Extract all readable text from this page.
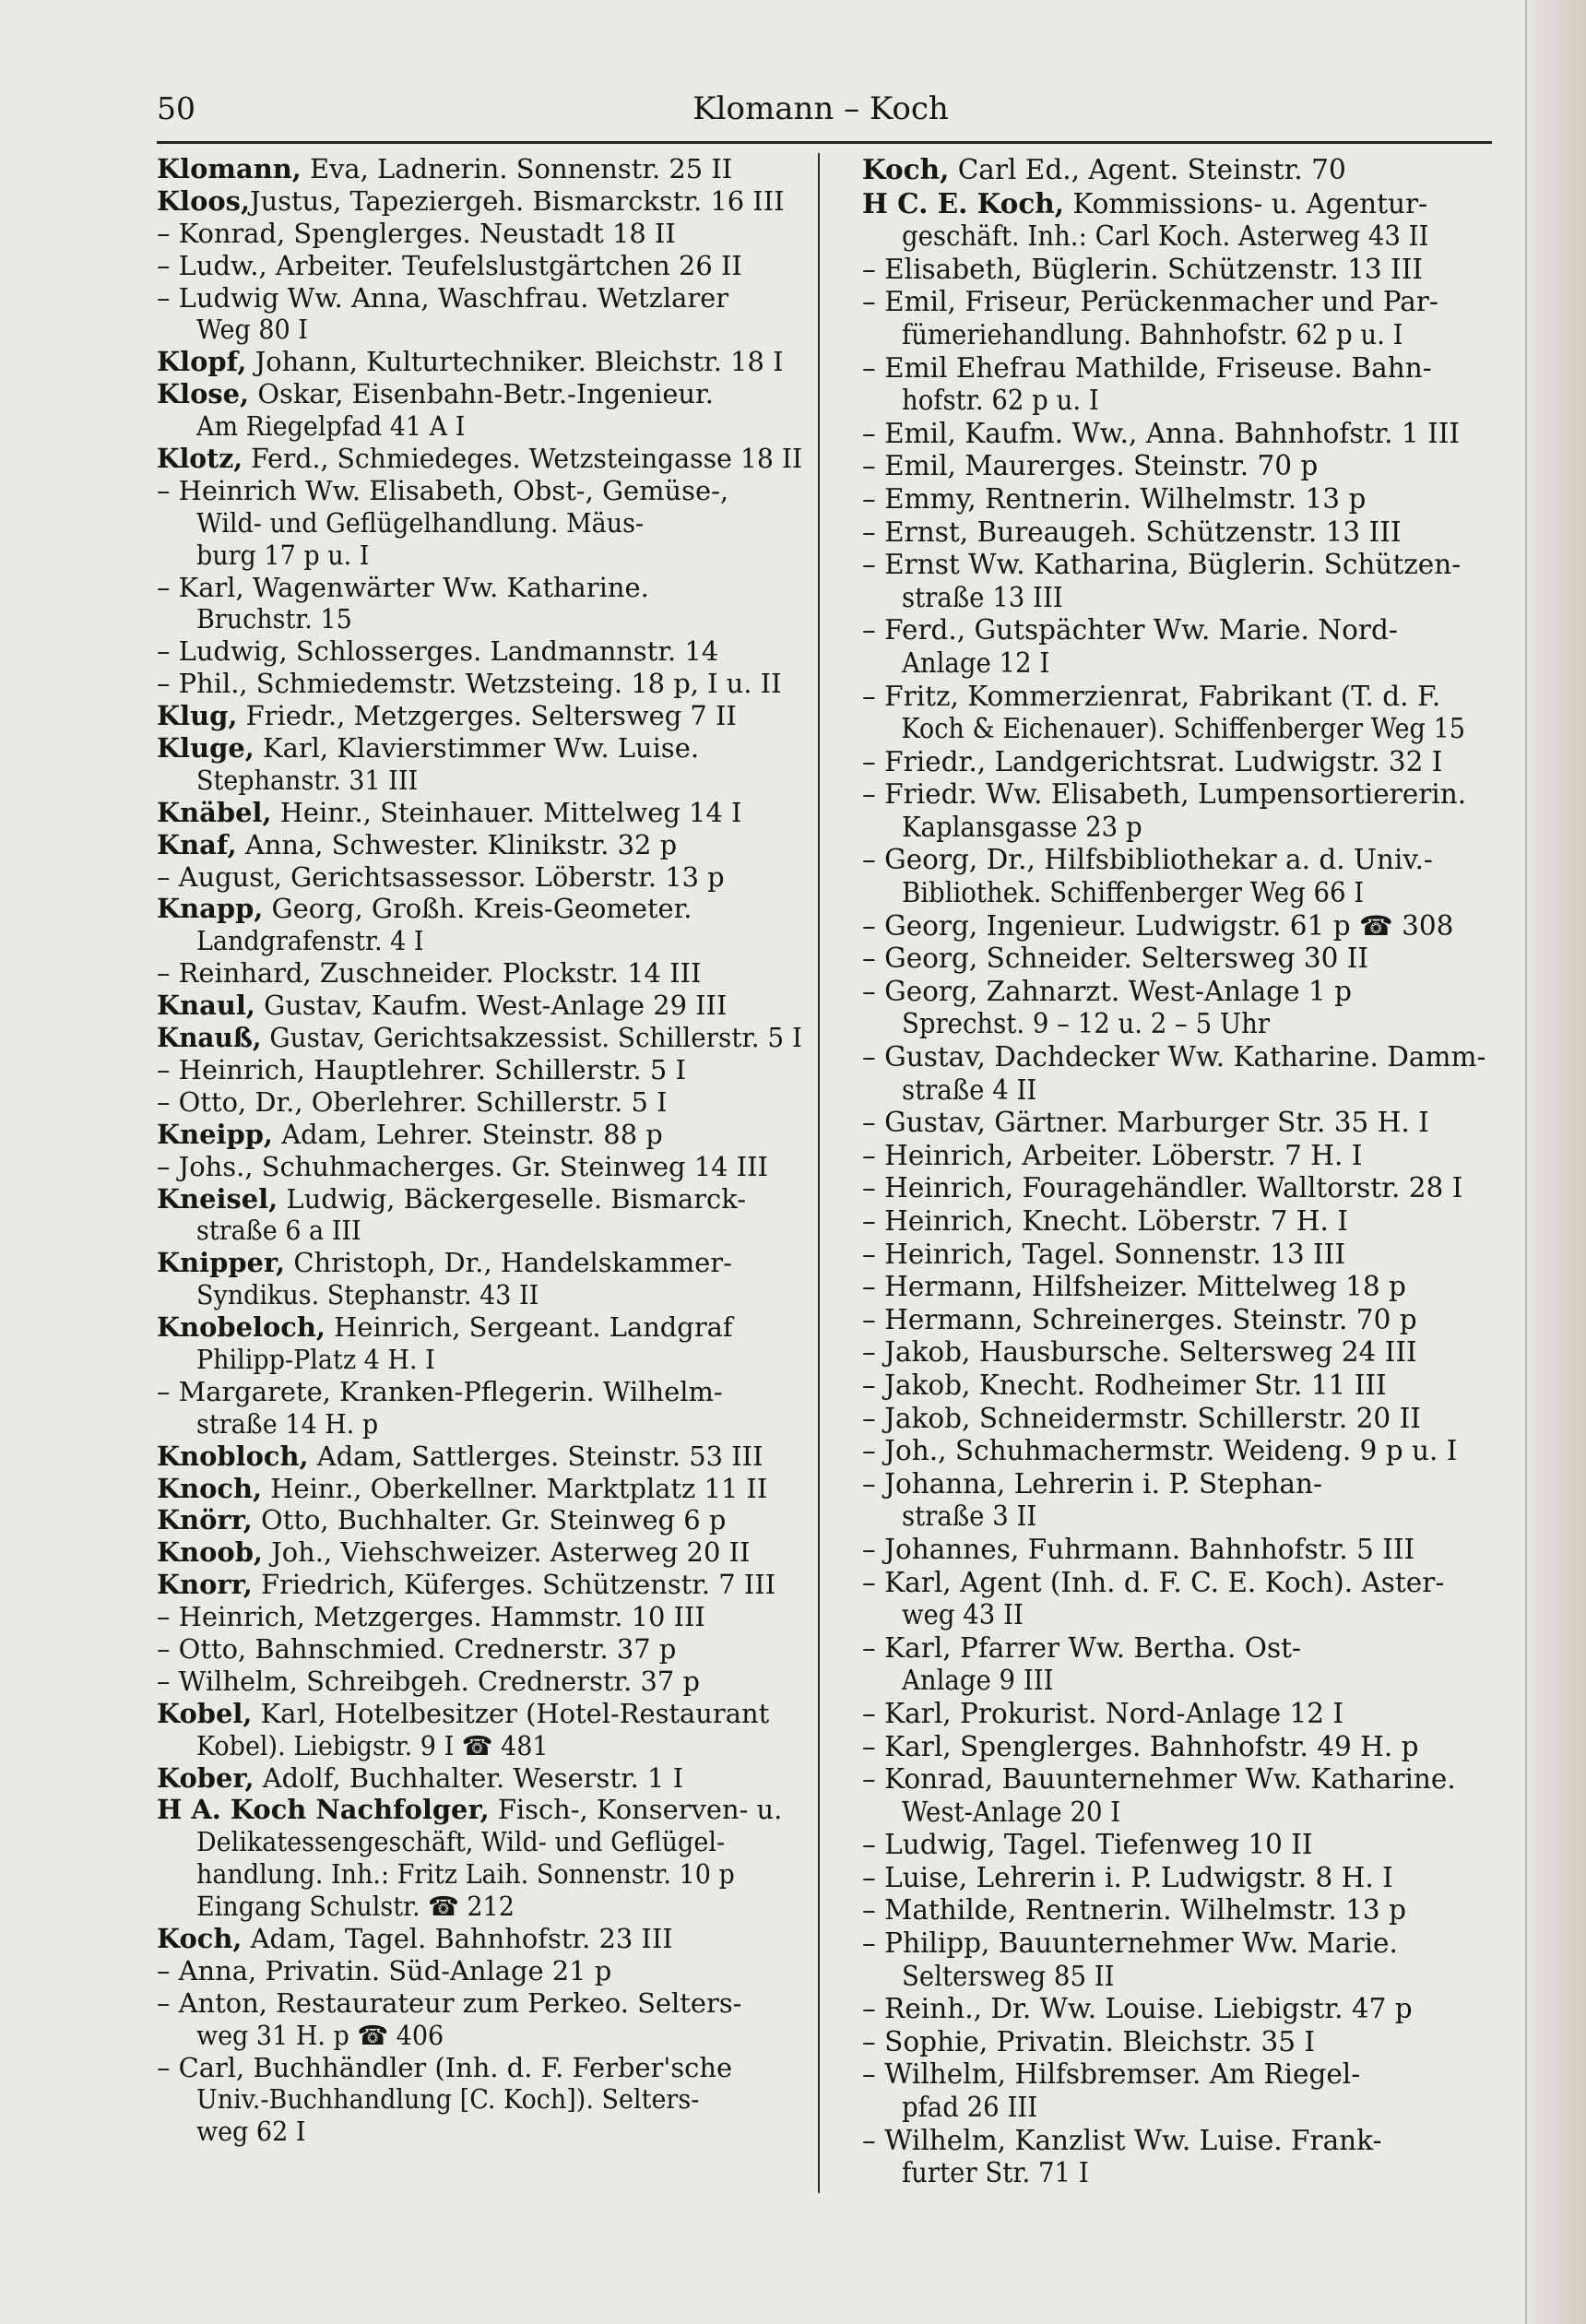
50	Klomann – Koch

Klomann, Eva, Ladnerin. Sonnenstr. 25 II

Kloos,Justus, Tapeziergeh. Bismarckstr. 16 III

– Konrad, Spenglerges. Neustadt 18 II

– Ludw., Arbeiter. Teufelslustgärtchen 26 II

– Ludwig Ww. Anna, Waschfrau. Wetzlarer
Weg 80 I

Klopf, Johann, Kulturtechniker. Bleichstr. 18 I

Klose, Oskar, Eisenbahn-Betr.-Ingenieur.
Am Riegelpfad 41 A I

Klotz, Ferd., Schmiedeges. Wetzsteingasse 18 II

– Heinrich Ww. Elisabeth, Obst-, Gemüse-,
Wild- und Geflügelhandlung. Mäus-
burg 17 p u. I

– Karl, Wagenwärter Ww. Katharine.
Bruchstr. 15

– Ludwig, Schlosserges. Landmannstr. 14

– Phil., Schmiedemstr. Wetzsteing. 18 p, I u. II

Klug, Friedr., Metzgerges. Seltersweg 7 II

Kluge, Karl, Klavierstimmer Ww. Luise.
Stephanstr. 31 III

Knäbel, Heinr., Steinhauer. Mittelweg 14 I

Knaf, Anna, Schwester. Klinikstr. 32 p

– August, Gerichtsassessor. Löberstr. 13 p

Knapp, Georg, Großh. Kreis-Geometer.
Landgrafenstr. 4 I

– Reinhard, Zuschneider. Plockstr. 14 III

Knaul, Gustav, Kaufm. West-Anlage 29 III

Knauß, Gustav, Gerichtsakzessist. Schillerstr. 5 I

– Heinrich, Hauptlehrer. Schillerstr. 5 I

– Otto, Dr., Oberlehrer. Schillerstr. 5 I

Kneipp, Adam, Lehrer. Steinstr. 88 p

– Johs., Schuhmacherges. Gr. Steinweg 14 III

Kneisel, Ludwig, Bäckergeselle. Bismarck-
straße 6 a III

Knipper, Christoph, Dr., Handelskammer-
Syndikus. Stephanstr. 43 II

Knobeloch, Heinrich, Sergeant. Landgraf
Philipp-Platz 4 H. I

– Margarete, Kranken-Pflegerin. Wilhelm-
straße 14 H. p

Knobloch, Adam, Sattlerges. Steinstr. 53 III

Knoch, Heinr., Oberkellner. Marktplatz 11 II

Knörr, Otto, Buchhalter. Gr. Steinweg 6 p

Knoob, Joh., Viehschweizer. Asterweg 20 II

Knorr, Friedrich, Küferges. Schützenstr. 7 III

– Heinrich, Metzgerges. Hammstr. 10 III

– Otto, Bahnschmied. Crednerstr. 37 p

– Wilhelm, Schreibgeh. Crednerstr. 37 p

Kobel, Karl, Hotelbesitzer (Hotel-Restaurant
Kobel). Liebigstr. 9 I ☎ 481

Kober, Adolf, Buchhalter. Weserstr. 1 I

H A. Koch Nachfolger, Fisch-, Konserven- u.
Delikatessengeschäft, Wild- und Geflügel-
handlung. Inh.: Fritz Laih. Sonnenstr. 10 p
Eingang Schulstr. ☎ 212

Koch, Adam, Tagel. Bahnhofstr. 23 III

– Anna, Privatin. Süd-Anlage 21 p

– Anton, Restaurateur zum Perkeo. Selters-
weg 31 H. p ☎ 406

– Carl, Buchhändler (Inh. d. F. Ferber'sche
Univ.-Buchhandlung [C. Koch]). Selters-
weg 62 I

Koch, Carl Ed., Agent. Steinstr. 70

H C. E. Koch, Kommissions- u. Agentur-
geschäft. Inh.: Carl Koch. Asterweg 43 II

– Elisabeth, Büglerin. Schützenstr. 13 III

– Emil, Friseur, Perückenmacher und Par-
fümeriehandlung. Bahnhofstr. 62 p u. I

– Emil Ehefrau Mathilde, Friseuse. Bahn-
hofstr. 62 p u. I

– Emil, Kaufm. Ww., Anna. Bahnhofstr. 1 III

– Emil, Maurerges. Steinstr. 70 p

– Emmy, Rentnerin. Wilhelmstr. 13 p

– Ernst, Bureaugeh. Schützenstr. 13 III

– Ernst Ww. Katharina, Büglerin. Schützen-
straße 13 III

– Ferd., Gutspächter Ww. Marie. Nord-
Anlage 12 I

– Fritz, Kommerzienrat, Fabrikant (T. d. F.
Koch & Eichenauer). Schiffenberger Weg 15

– Friedr., Landgerichtsrat. Ludwigstr. 32 I

– Friedr. Ww. Elisabeth, Lumpensortiererin.
Kaplansgasse 23 p

– Georg, Dr., Hilfsbibliothekar a. d. Univ.-
Bibliothek. Schiffenberger Weg 66 I

– Georg, Ingenieur. Ludwigstr. 61 p ☎ 308

– Georg, Schneider. Seltersweg 30 II

– Georg, Zahnarzt. West-Anlage 1 p
Sprechst. 9 – 12 u. 2 – 5 Uhr

– Gustav, Dachdecker Ww. Katharine. Damm-
straße 4 II

– Gustav, Gärtner. Marburger Str. 35 H. I

– Heinrich, Arbeiter. Löberstr. 7 H. I

– Heinrich, Fouragehändler. Walltorstr. 28 I

– Heinrich, Knecht. Löberstr. 7 H. I

– Heinrich, Tagel. Sonnenstr. 13 III

– Hermann, Hilfsheizer. Mittelweg 18 p

– Hermann, Schreinerges. Steinstr. 70 p

– Jakob, Hausbursche. Seltersweg 24 III

– Jakob, Knecht. Rodheimer Str. 11 III

– Jakob, Schneidermstr. Schillerstr. 20 II

– Joh., Schuhmachermstr. Weideng. 9 p u. I

– Johanna, Lehrerin i. P. Stephan-
straße 3 II

– Johannes, Fuhrmann. Bahnhofstr. 5 III

– Karl, Agent (Inh. d. F. C. E. Koch). Aster-
weg 43 II

– Karl, Pfarrer Ww. Bertha. Ost-
Anlage 9 III

– Karl, Prokurist. Nord-Anlage 12 I

– Karl, Spenglerges. Bahnhofstr. 49 H. p

– Konrad, Bauunternehmer Ww. Katharine.
West-Anlage 20 I

– Ludwig, Tagel. Tiefenweg 10 II

– Luise, Lehrerin i. P. Ludwigstr. 8 H. I

– Mathilde, Rentnerin. Wilhelmstr. 13 p

– Philipp, Bauunternehmer Ww. Marie.
Seltersweg 85 II

– Reinh., Dr. Ww. Louise. Liebigstr. 47 p

– Sophie, Privatin. Bleichstr. 35 I

– Wilhelm, Hilfsbremser. Am Riegel-
pfad 26 III

– Wilhelm, Kanzlist Ww. Luise. Frank-
furter Str. 71 I
